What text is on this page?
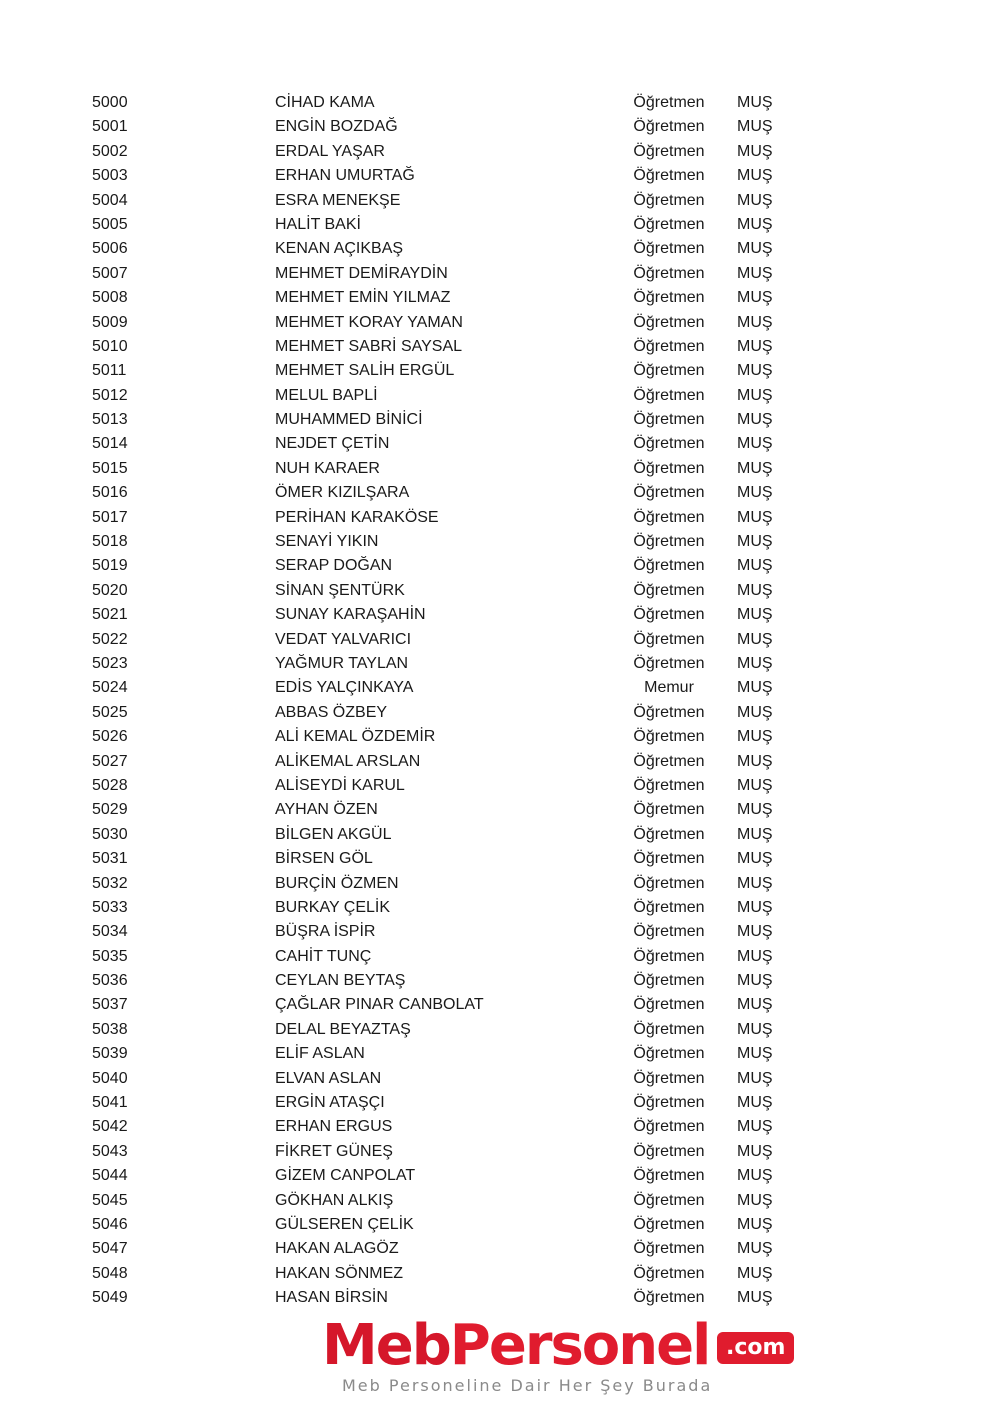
5000	CİHAD KAMA	Öğretmen	MUŞ
5001	ENGİN BOZDAĞ	Öğretmen	MUŞ
5002	ERDAL YAŞAR	Öğretmen	MUŞ
5003	ERHAN UMURTAĞ	Öğretmen	MUŞ
5004	ESRA MENEKŞE	Öğretmen	MUŞ
5005	HALİT BAKİ	Öğretmen	MUŞ
5006	KENAN AÇIKBAŞ	Öğretmen	MUŞ
5007	MEHMET DEMİRAYDİN	Öğretmen	MUŞ
5008	MEHMET EMİN YILMAZ	Öğretmen	MUŞ
5009	MEHMET KORAY YAMAN	Öğretmen	MUŞ
5010	MEHMET SABRİ SAYSAL	Öğretmen	MUŞ
5011	MEHMET SALİH ERGÜL	Öğretmen	MUŞ
5012	MELUL BAPLİ	Öğretmen	MUŞ
5013	MUHAMMED BİNİCİ	Öğretmen	MUŞ
5014	NEJDET ÇETİN	Öğretmen	MUŞ
5015	NUH KARAER	Öğretmen	MUŞ
5016	ÖMER KIZILŞARA	Öğretmen	MUŞ
5017	PERİHAN KARAKÖSE	Öğretmen	MUŞ
5018	SENAYİ YIKIN	Öğretmen	MUŞ
5019	SERAP DOĞAN	Öğretmen	MUŞ
5020	SİNAN ŞENTÜRK	Öğretmen	MUŞ
5021	SUNAY KARAŞAHİN	Öğretmen	MUŞ
5022	VEDAT YALVARICI	Öğretmen	MUŞ
5023	YAĞMUR TAYLAN	Öğretmen	MUŞ
5024	EDİS YALÇINKAYA	Memur	MUŞ
5025	ABBAS ÖZBEY	Öğretmen	MUŞ
5026	ALİ KEMAL ÖZDEMİR	Öğretmen	MUŞ
5027	ALİKEMAL ARSLAN	Öğretmen	MUŞ
5028	ALİSEYDİ KARUL	Öğretmen	MUŞ
5029	AYHAN ÖZEN	Öğretmen	MUŞ
5030	BİLGEN AKGÜL	Öğretmen	MUŞ
5031	BİRSEN GÖL	Öğretmen	MUŞ
5032	BURÇİN ÖZMEN	Öğretmen	MUŞ
5033	BURKAY ÇELİK	Öğretmen	MUŞ
5034	BÜŞRA İSPİR	Öğretmen	MUŞ
5035	CAHİT TUNÇ	Öğretmen	MUŞ
5036	CEYLAN BEYTAŞ	Öğretmen	MUŞ
5037	ÇAĞLAR PINAR CANBOLAT	Öğretmen	MUŞ
5038	DELAL BEYAZTAŞ	Öğretmen	MUŞ
5039	ELİF ASLAN	Öğretmen	MUŞ
5040	ELVAN ASLAN	Öğretmen	MUŞ
5041	ERGİN ATAŞÇI	Öğretmen	MUŞ
5042	ERHAN ERGUS	Öğretmen	MUŞ
5043	FİKRET GÜNEŞ	Öğretmen	MUŞ
5044	GİZEM CANPOLAT	Öğretmen	MUŞ
5045	GÖKHAN ALKIŞ	Öğretmen	MUŞ
5046	GÜLSEREN ÇELİK	Öğretmen	MUŞ
5047	HAKAN ALAGÖZ	Öğretmen	MUŞ
5048	HAKAN SÖNMEZ	Öğretmen	MUŞ
5049	HASAN BİRSİN	Öğretmen	MUŞ
MebPersonel .com
Meb Personeline Dair Her Şey Burada
